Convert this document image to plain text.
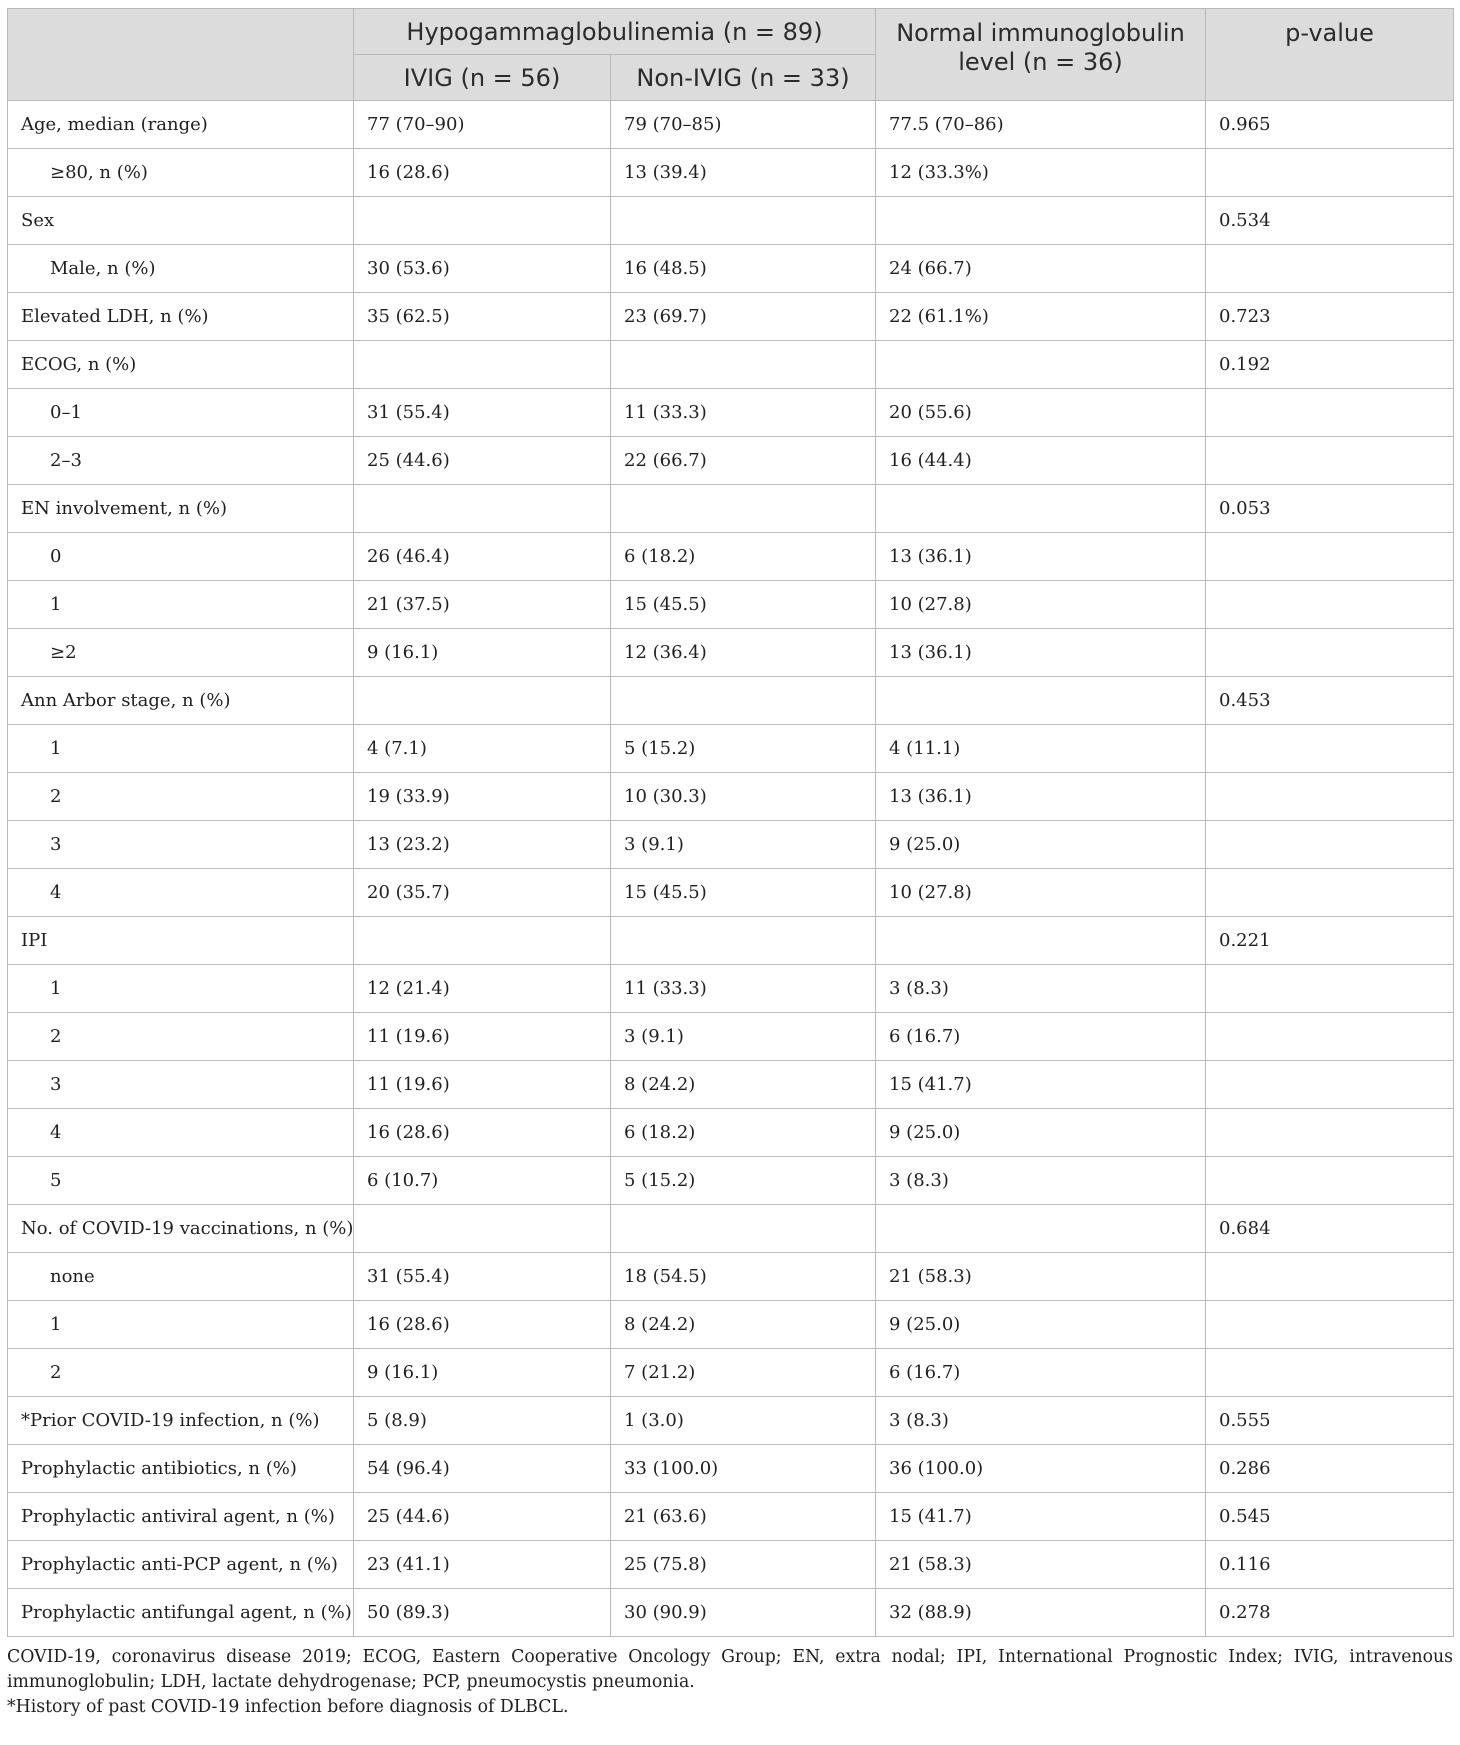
	Hypogammaglobulinemia (n = 89)		Normal immunoglobulin level (n = 36)	p-value
	IVIG (n = 56)	Non-IVIG (n = 33)		
Age, median (range)	77 (70–90)	79 (70–85)	77.5 (70–86)	0.965
≥80, n (%)	16 (28.6)	13 (39.4)	12 (33.3%)	
Sex				0.534
Male, n (%)	30 (53.6)	16 (48.5)	24 (66.7)	
Elevated LDH, n (%)	35 (62.5)	23 (69.7)	22 (61.1%)	0.723
ECOG, n (%)				0.192
0–1	31 (55.4)	11 (33.3)	20 (55.6)	
2–3	25 (44.6)	22 (66.7)	16 (44.4)	
EN involvement, n (%)				0.053
0	26 (46.4)	6 (18.2)	13 (36.1)	
1	21 (37.5)	15 (45.5)	10 (27.8)	
≥2	9 (16.1)	12 (36.4)	13 (36.1)	
Ann Arbor stage, n (%)				0.453
1	4 (7.1)	5 (15.2)	4 (11.1)	
2	19 (33.9)	10 (30.3)	13 (36.1)	
3	13 (23.2)	3 (9.1)	9 (25.0)	
4	20 (35.7)	15 (45.5)	10 (27.8)	
IPI				0.221
1	12 (21.4)	11 (33.3)	3 (8.3)	
2	11 (19.6)	3 (9.1)	6 (16.7)	
3	11 (19.6)	8 (24.2)	15 (41.7)	
4	16 (28.6)	6 (18.2)	9 (25.0)	
5	6 (10.7)	5 (15.2)	3 (8.3)	
No. of COVID-19 vaccinations, n (%)				0.684
none	31 (55.4)	18 (54.5)	21 (58.3)	
1	16 (28.6)	8 (24.2)	9 (25.0)	
2	9 (16.1)	7 (21.2)	6 (16.7)	
*Prior COVID-19 infection, n (%)	5 (8.9)	1 (3.0)	3 (8.3)	0.555
Prophylactic antibiotics, n (%)	54 (96.4)	33 (100.0)	36 (100.0)	0.286
Prophylactic antiviral agent, n (%)	25 (44.6)	21 (63.6)	15 (41.7)	0.545
Prophylactic anti-PCP agent, n (%)	23 (41.1)	25 (75.8)	21 (58.3)	0.116
Prophylactic antifungal agent, n (%)	50 (89.3)	30 (90.9)	32 (88.9)	0.278

COVID-19, coronavirus disease 2019; ECOG, Eastern Cooperative Oncology Group; EN, extra nodal; IPI, International Prognostic Index; IVIG, intravenous immunoglobulin; LDH, lactate dehydrogenase; PCP, pneumocystis pneumonia.

*History of past COVID-19 infection before diagnosis of DLBCL.
